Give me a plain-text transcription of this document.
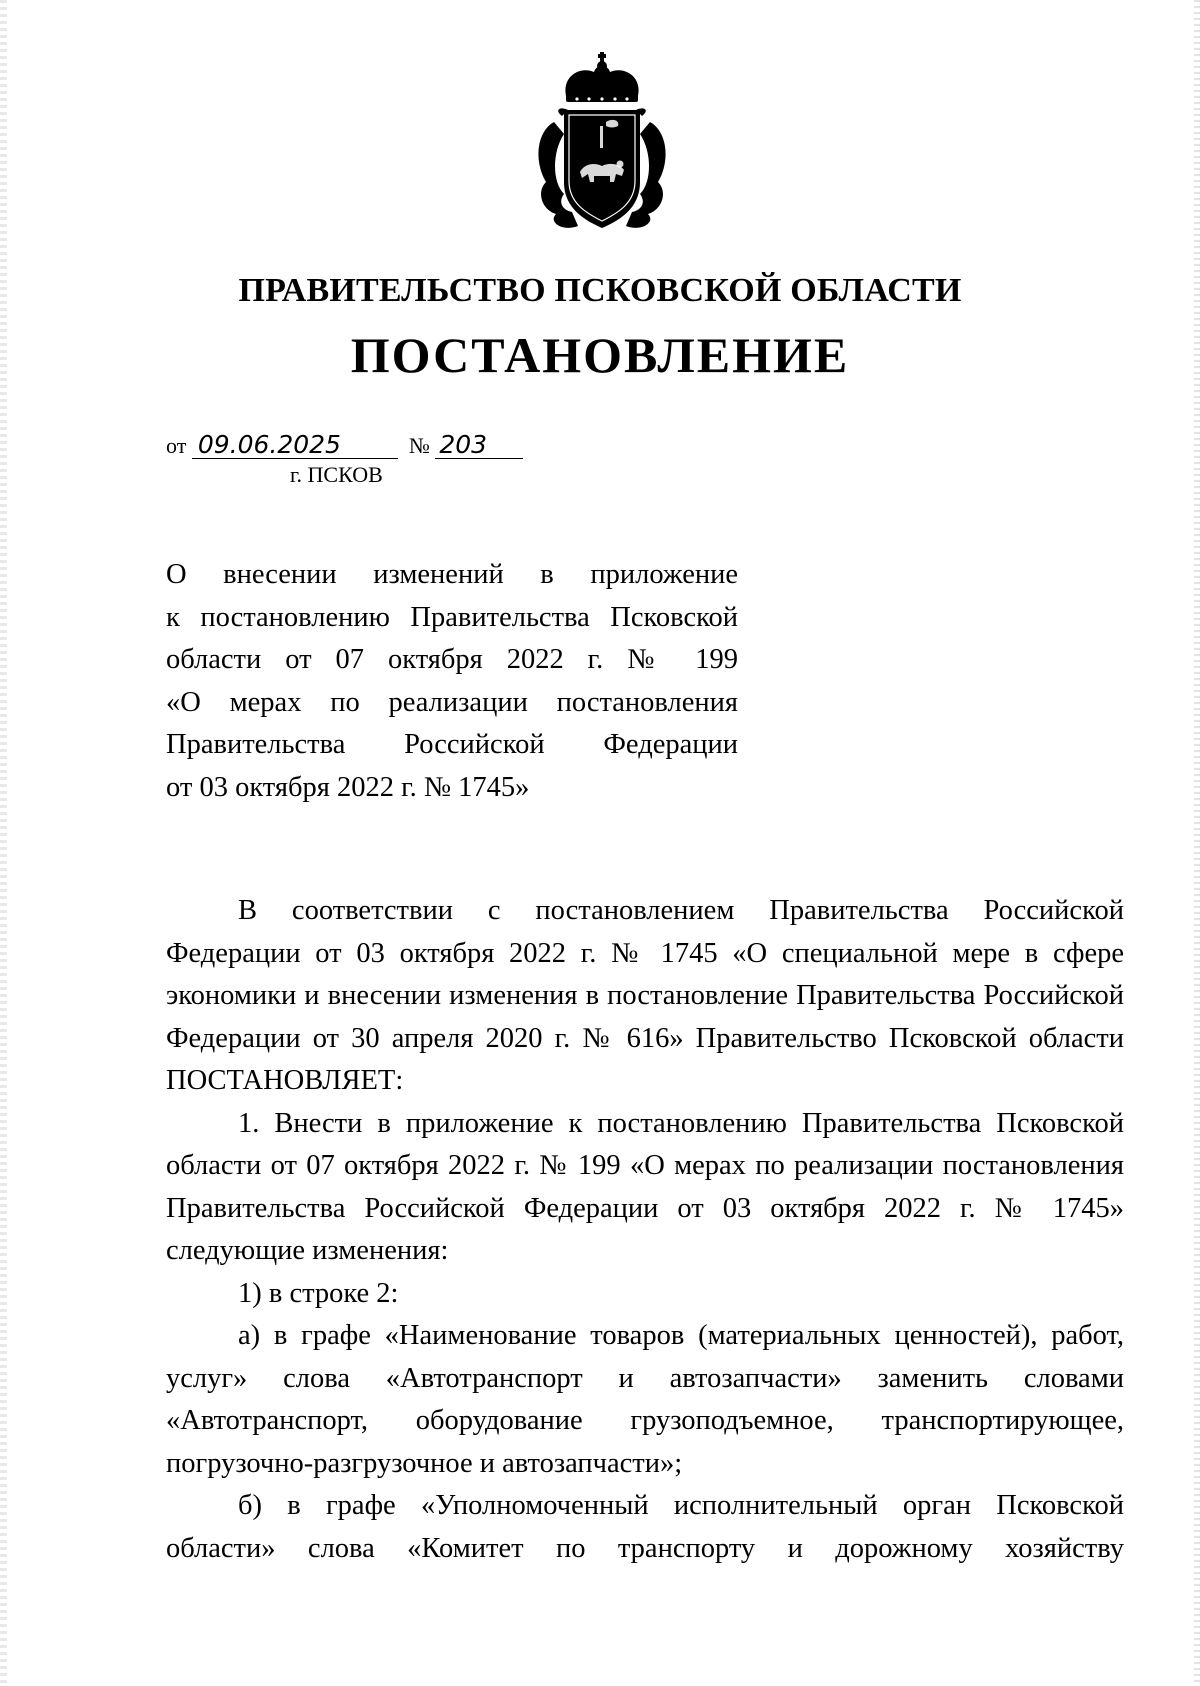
ПРАВИТЕЛЬСТВО ПСКОВСКОЙ ОБЛАСТИ
ПОСТАНОВЛЕНИЕ
от 09.06.2025	№ 203
г. ПСКОВ

О внесении изменений в приложение

к постановлению Правительства Псковской

области от 07 октября 2022 г. № 199

«О мерах по реализации постановления

Правительства Российской Федерации

от 03 октября 2022 г. № 1745»

В соответствии с постановлением Правительства Российской Федерации от 03 октября 2022 г. № 1745 «О специальной мере в сфере экономики и внесении изменения в постановление Правительства Российской Федерации от 30 апреля 2020 г. № 616» Правительство Псковской области ПОСТАНОВЛЯЕТ:

1. Внести в приложение к постановлению Правительства Псковской области от 07 октября 2022 г. № 199 «О мерах по реализации постановления Правительства Российской Федерации от 03 октября 2022 г. № 1745» следующие изменения:

1) в строке 2:

а) в графе «Наименование товаров (материальных ценностей), работ, услуг» слова «Автотранспорт и автозапчасти» заменить словами «Автотранспорт, оборудование грузоподъемное, транспортирующее, погрузочно-разгрузочное и автозапчасти»;

б) в графе «Уполномоченный исполнительный орган Псковской области» слова «Комитет по транспорту и дорожному хозяйству
